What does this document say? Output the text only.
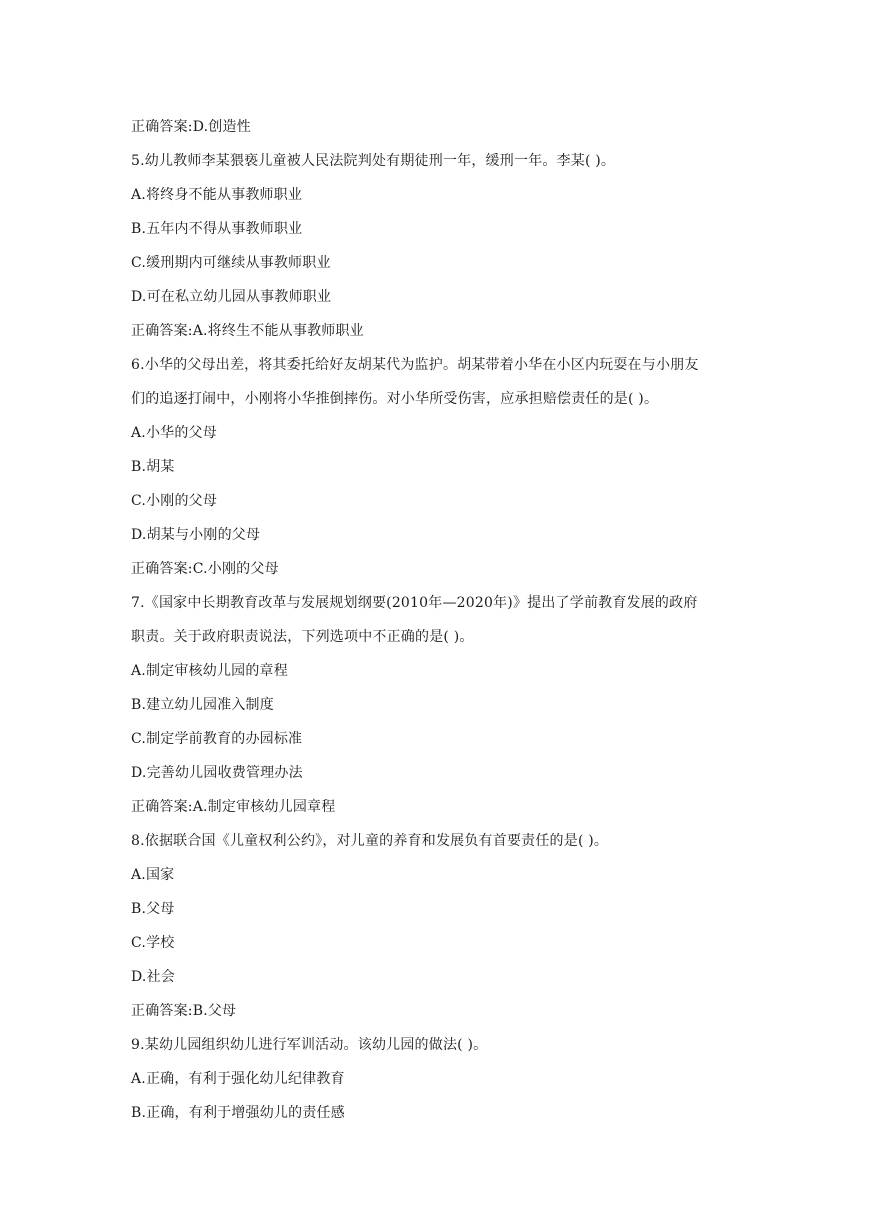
正确答案:D.创造性
5.幼儿教师李某猥亵儿童被人民法院判处有期徒刑一年，缓刑一年。李某( )。
A.将终身不能从事教师职业
B.五年内不得从事教师职业
C.缓刑期内可继续从事教师职业
D.可在私立幼儿园从事教师职业
正确答案:A.将终生不能从事教师职业
6.小华的父母出差，将其委托给好友胡某代为监护。胡某带着小华在小区内玩耍在与小朋友
们的追逐打闹中，小刚将小华推倒摔伤。对小华所受伤害，应承担赔偿责任的是( )。
A.小华的父母
B.胡某
C.小刚的父母
D.胡某与小刚的父母
正确答案:C.小刚的父母
7.《国家中长期教育改革与发展规划纲要(2010年—2020年)》提出了学前教育发展的政府
职责。关于政府职责说法，下列选项中不正确的是( )。
A.制定审核幼儿园的章程
B.建立幼儿园准入制度
C.制定学前教育的办园标准
D.完善幼儿园收费管理办法
正确答案:A.制定审核幼儿园章程
8.依据联合国《儿童权利公约》，对儿童的养育和发展负有首要责任的是( )。
A.国家
B.父母
C.学校
D.社会
正确答案:B.父母
9.某幼儿园组织幼儿进行军训活动。该幼儿园的做法( )。
A.正确，有利于强化幼儿纪律教育
B.正确，有利于增强幼儿的责任感
